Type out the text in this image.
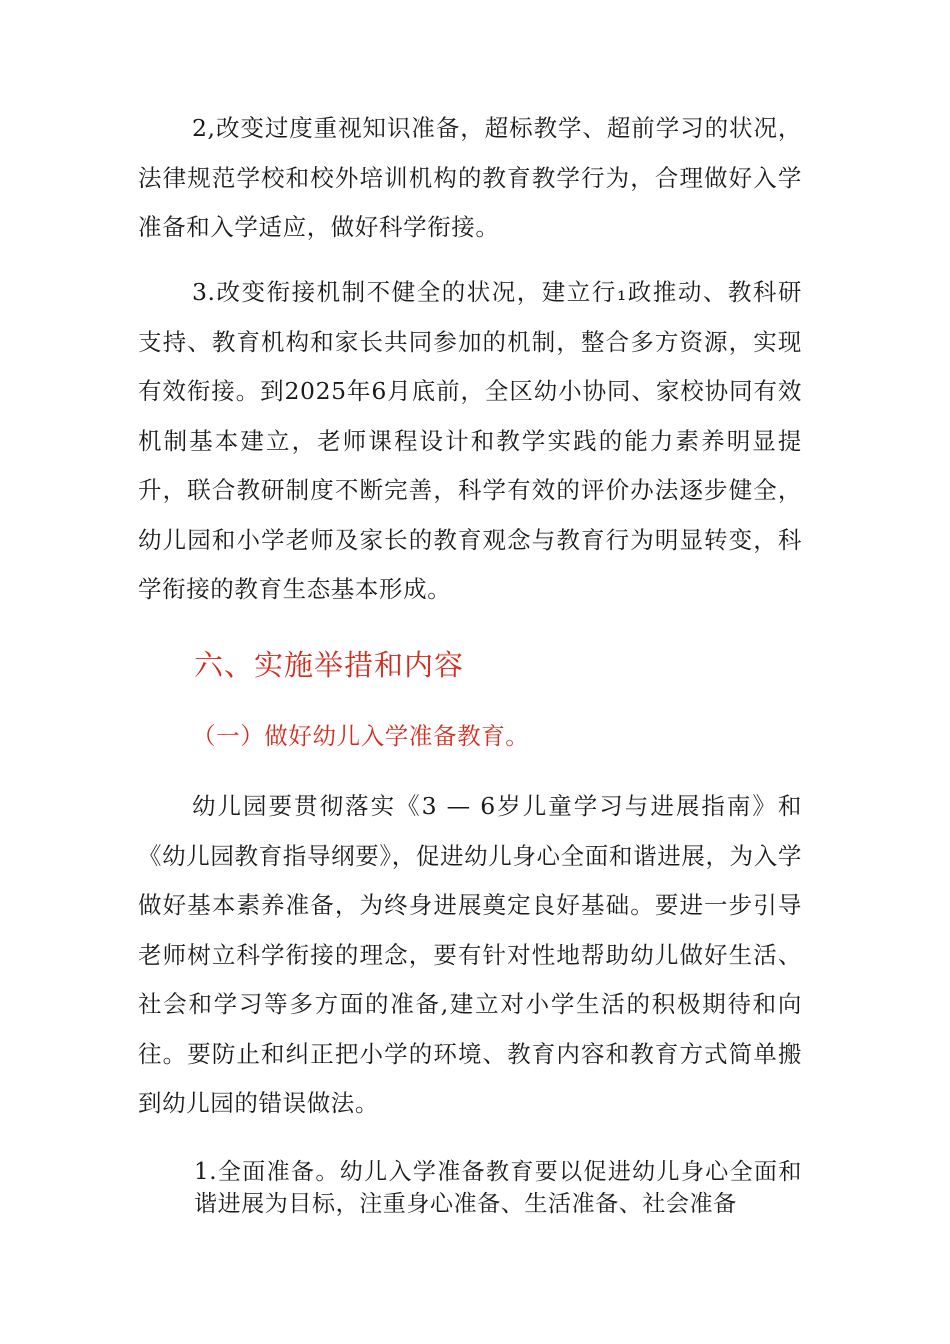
2,改变过度重视知识准备，超标教学、超前学习的状况，法律规范学校和校外培训机构的教育教学行为，合理做好入学准备和入学适应，做好科学衔接。

3.改变衔接机制不健全的状况，建立行₁政推动、教科研支持、教育机构和家长共同参加的机制，整合多方资源，实现有效衔接。到2025年6月底前，全区幼小协同、家校协同有效机制基本建立，老师课程设计和教学实践的能力素养明显提升，联合教研制度不断完善，科学有效的评价办法逐步健全，幼儿园和小学老师及家长的教育观念与教育行为明显转变，科学衔接的教育生态基本形成。

六、实施举措和内容
（一）做好幼儿入学准备教育。

幼儿园要贯彻落实《3 — 6岁儿童学习与进展指南》和《幼儿园教育指导纲要》，促进幼儿身心全面和谐进展，为入学做好基本素养准备，为终身进展奠定良好基础。要进一步引导老师树立科学衔接的理念，要有针对性地帮助幼儿做好生活、社会和学习等多方面的准备,建立对小学生活的积极期待和向往。要防止和纠正把小学的环境、教育内容和教育方式简单搬到幼儿园的错误做法。

1.全面准备。幼儿入学准备教育要以促进幼儿身心全面和谐进展为目标，注重身心准备、生活准备、社会准备
